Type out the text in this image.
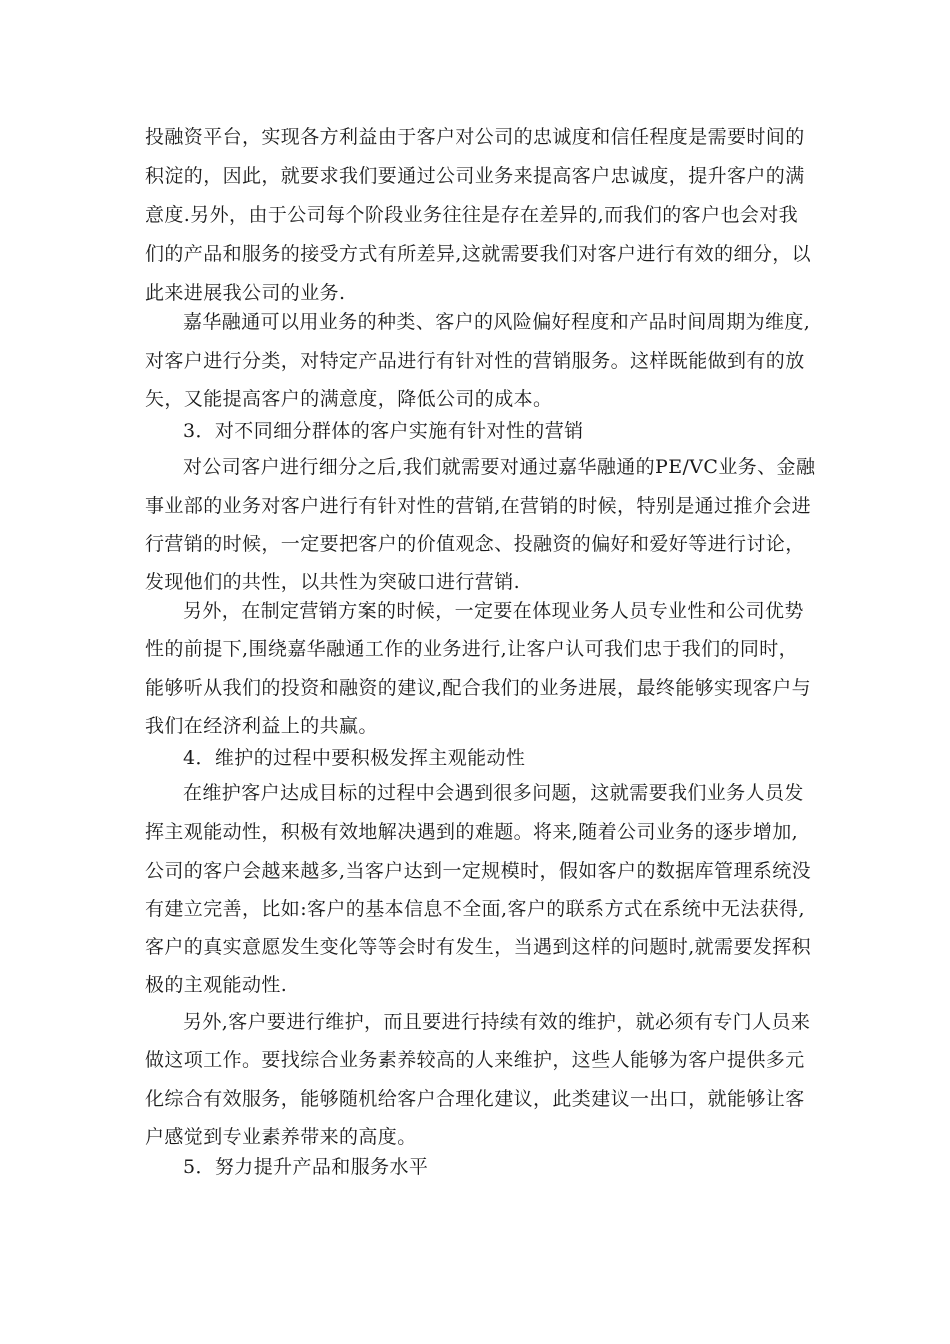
投融资平台，实现各方利益由于客户对公司的忠诚度和信任程度是需要时间的
积淀的，因此，就要求我们要通过公司业务来提高客户忠诚度，提升客户的满
意度.另外，由于公司每个阶段业务往往是存在差异的,而我们的客户也会对我
们的产品和服务的接受方式有所差异,这就需要我们对客户进行有效的细分，以
此来进展我公司的业务.
嘉华融通可以用业务的种类、客户的风险偏好程度和产品时间周期为维度,
对客户进行分类，对特定产品进行有针对性的营销服务。这样既能做到有的放
矢，又能提高客户的满意度，降低公司的成本。
3．对不同细分群体的客户实施有针对性的营销
对公司客户进行细分之后,我们就需要对通过嘉华融通的PE/VC业务、金融
事业部的业务对客户进行有针对性的营销,在营销的时候，特别是通过推介会进
行营销的时候，一定要把客户的价值观念、投融资的偏好和爱好等进行讨论，
发现他们的共性，以共性为突破口进行营销.
另外，在制定营销方案的时候，一定要在体现业务人员专业性和公司优势
性的前提下,围绕嘉华融通工作的业务进行,让客户认可我们忠于我们的同时，
能够听从我们的投资和融资的建议,配合我们的业务进展，最终能够实现客户与
我们在经济利益上的共赢。
4．维护的过程中要积极发挥主观能动性
在维护客户达成目标的过程中会遇到很多问题，这就需要我们业务人员发
挥主观能动性，积极有效地解决遇到的难题。将来,随着公司业务的逐步增加,
公司的客户会越来越多,当客户达到一定规模时，假如客户的数据库管理系统没
有建立完善，比如:客户的基本信息不全面,客户的联系方式在系统中无法获得,
客户的真实意愿发生变化等等会时有发生，当遇到这样的问题时,就需要发挥积
极的主观能动性.
另外,客户要进行维护，而且要进行持续有效的维护，就必须有专门人员来
做这项工作。要找综合业务素养较高的人来维护，这些人能够为客户提供多元
化综合有效服务，能够随机给客户合理化建议，此类建议一出口，就能够让客
户感觉到专业素养带来的高度。
5．努力提升产品和服务水平
